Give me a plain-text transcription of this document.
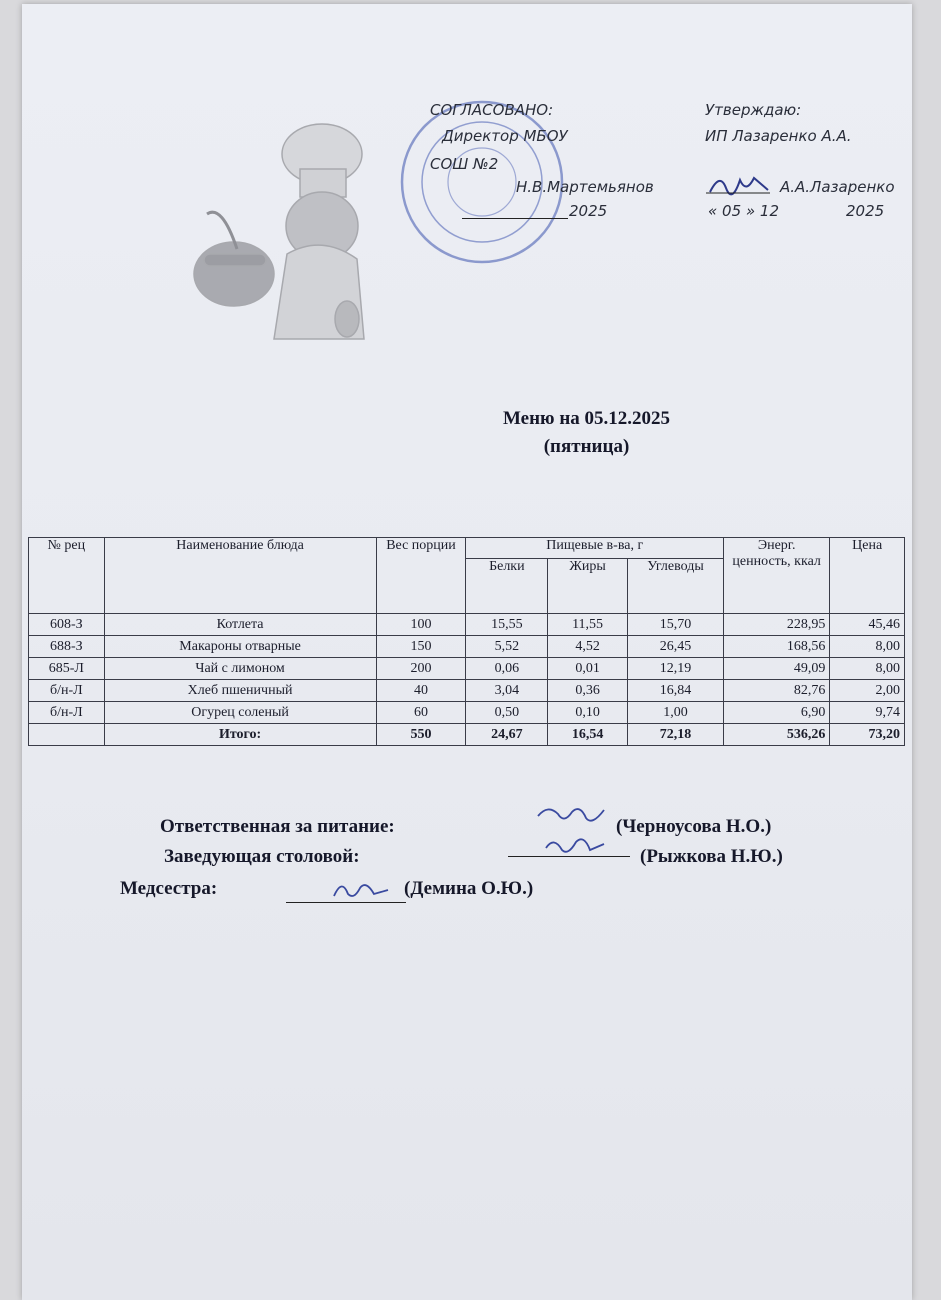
СОГЛАСОВАНО:
Директор МБОУ
СОШ №2
Н.В.Мартемьянов
2025
Утверждаю:
ИП Лазаренко А.А.
А.А.Лазаренко
« 05 » 12	2025
Меню на 05.12.2025
(пятница)
№ рец	Наименование блюда	Вес порции	Пищевые в-ва, г			Энерг. ценность, ккал	Цена
			Белки	Жиры	Углеводы		
608-З	Котлета	100	15,55	11,55	15,70	228,95	45,46
688-З	Макароны отварные	150	5,52	4,52	26,45	168,56	8,00
685-Л	Чай с лимоном	200	0,06	0,01	12,19	49,09	8,00
б/н-Л	Хлеб пшеничный	40	3,04	0,36	16,84	82,76	2,00
б/н-Л	Огурец соленый	60	0,50	0,10	1,00	6,90	9,74
	Итого:	550	24,67	16,54	72,18	536,26	73,20
Ответственная за питание:	(Черноусова Н.О.)
Заведующая столовой:	(Рыжкова Н.Ю.)
Медсестра:	(Демина О.Ю.)
